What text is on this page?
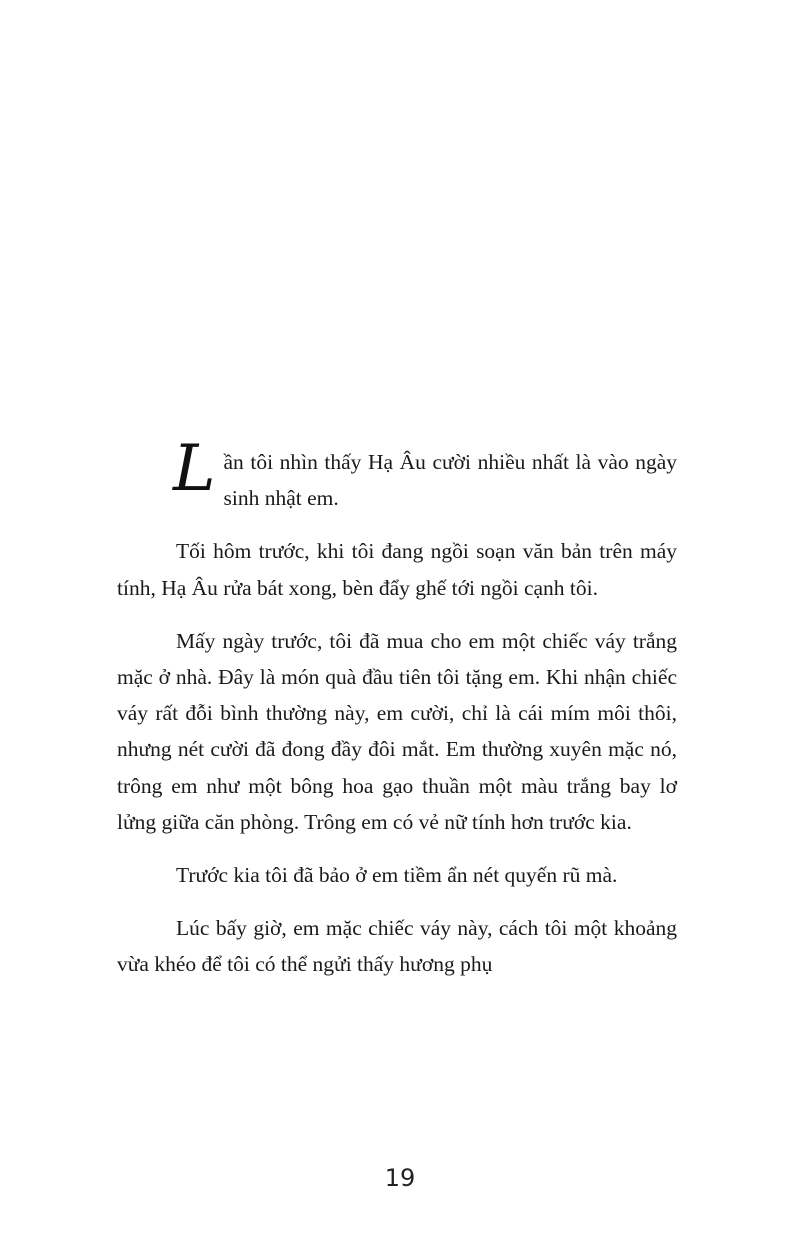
Lần tôi nhìn thấy Hạ Âu cười nhiều nhất là vào ngày sinh nhật em.

Tối hôm trước, khi tôi đang ngồi soạn văn bản trên máy tính, Hạ Âu rửa bát xong, bèn đẩy ghế tới ngồi cạnh tôi.

Mấy ngày trước, tôi đã mua cho em một chiếc váy trắng mặc ở nhà. Đây là món quà đầu tiên tôi tặng em. Khi nhận chiếc váy rất đỗi bình thường này, em cười, chỉ là cái mím môi thôi, nhưng nét cười đã đong đầy đôi mắt. Em thường xuyên mặc nó, trông em như một bông hoa gạo thuần một màu trắng bay lơ lửng giữa căn phòng. Trông em có vẻ nữ tính hơn trước kia.

Trước kia tôi đã bảo ở em tiềm ẩn nét quyến rũ mà.

Lúc bấy giờ, em mặc chiếc váy này, cách tôi một khoảng vừa khéo để tôi có thể ngửi thấy hương phụ

19
